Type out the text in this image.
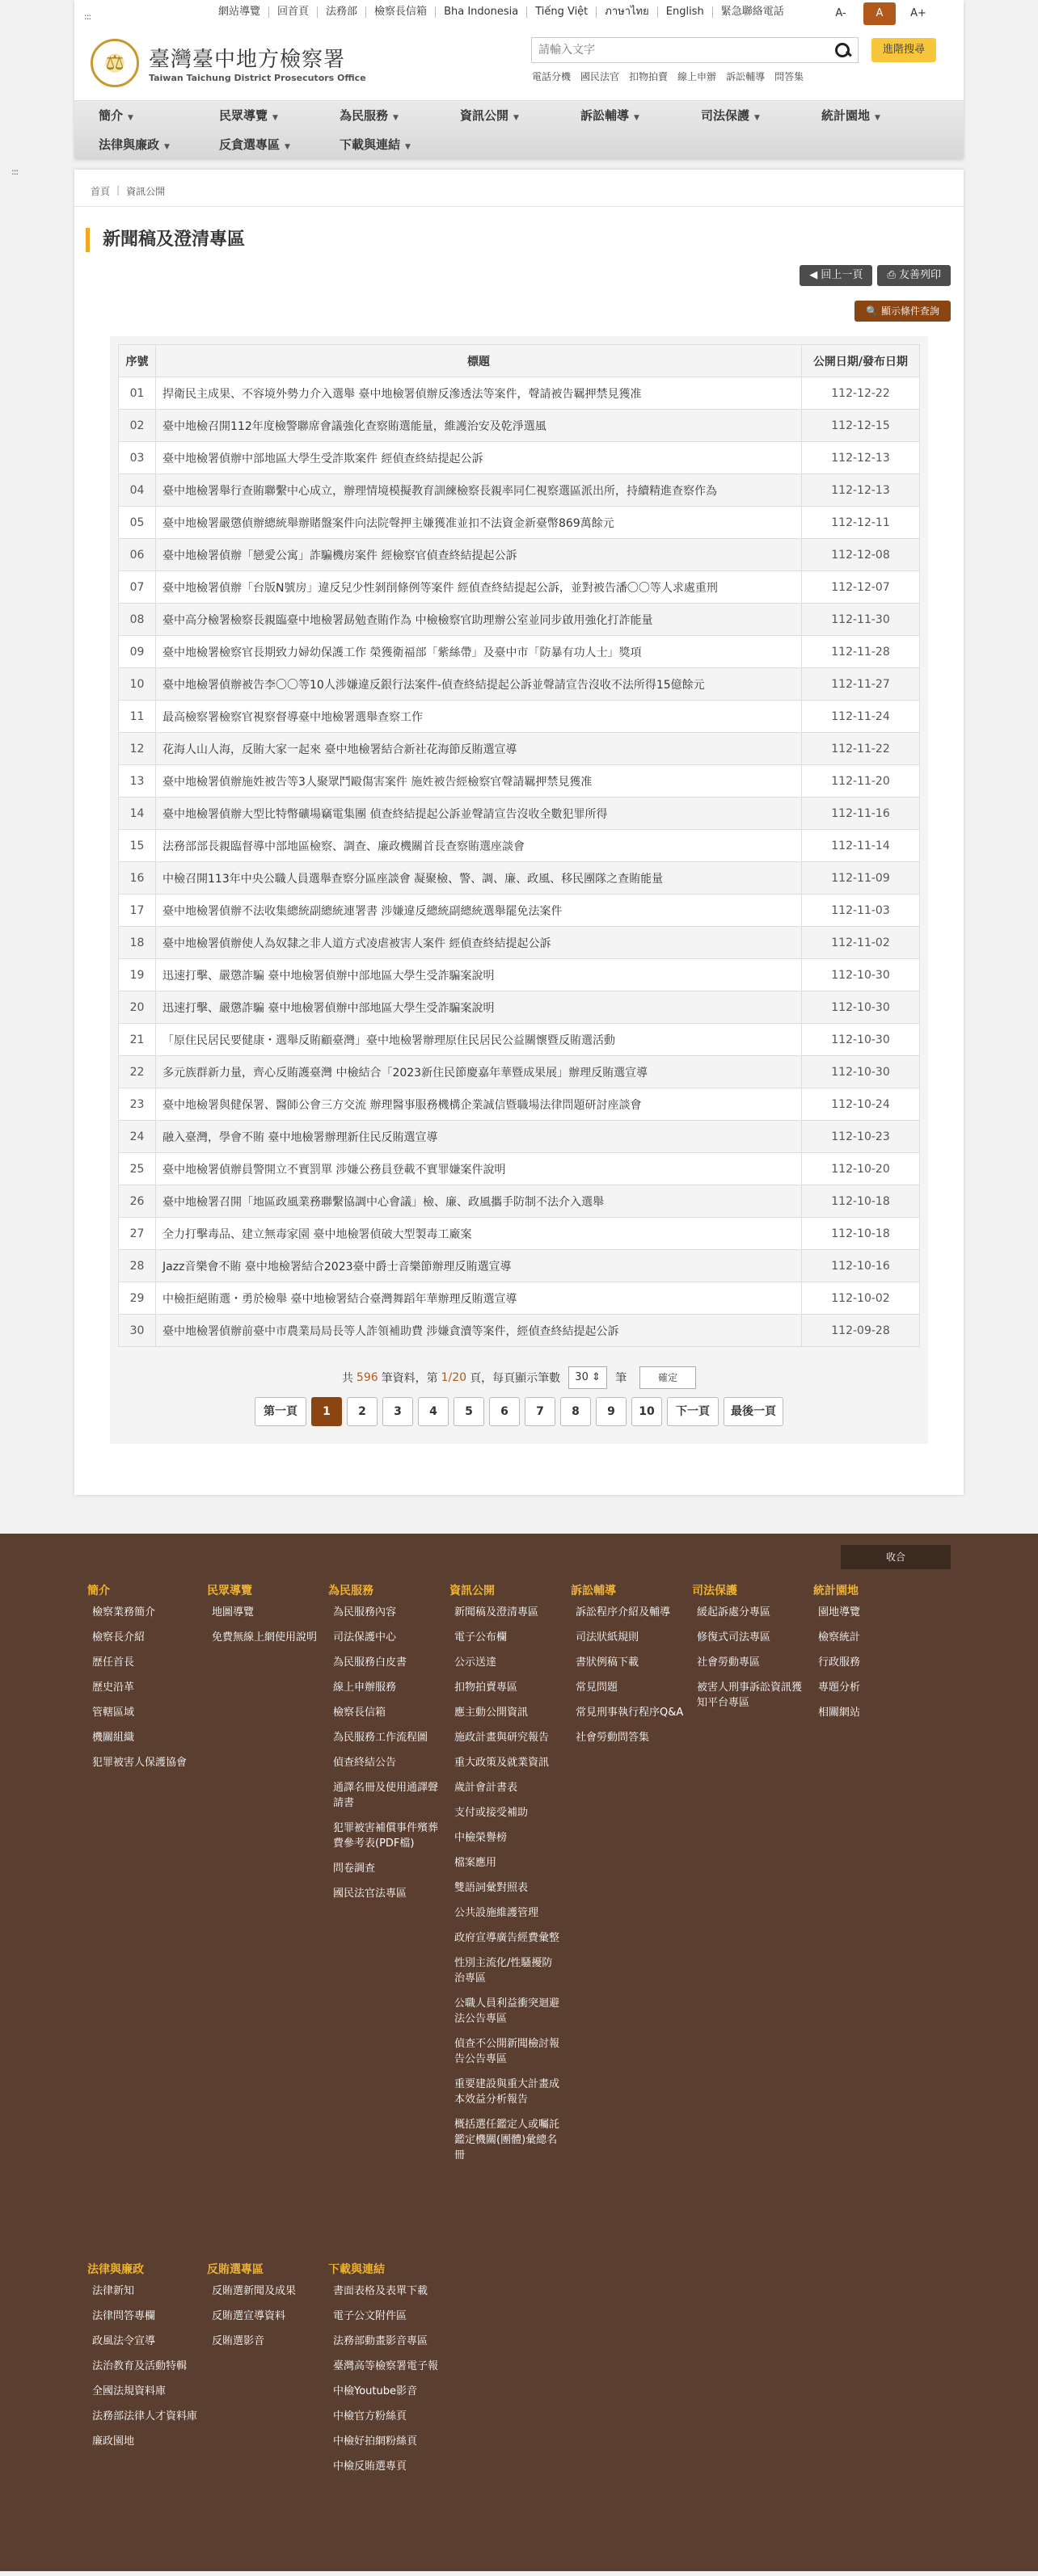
:::	網站導覽	回首頁	法務部	檢察長信箱	Bha Indonesia	Tiếng Việt	ภาษาไทย	English	緊急聯絡電話	A-	A	A+
⚖
臺灣臺中地方檢察署
Taiwan Taichung District Prosecutors Office
請輸入文字
進階搜尋
電話分機 國民法官 扣物拍賣 線上申辦 訴訟輔導 問答集
簡介 ▼	民眾導覽 ▼	為民服務 ▼	資訊公開 ▼	訴訟輔導 ▼	司法保護 ▼	統計園地 ▼
法律與廉政 ▼	反貪選專區 ▼	下載與連結 ▼
:::
首頁 | 資訊公開
新聞稿及澄清專區
◀ 回上一頁	⎙ 友善列印
🔍 顯示條件查詢
序號	標題	公開日期/發布日期
01	捍衛民主成果、不容境外勢力介入選舉 臺中地檢署偵辦反滲透法等案件，聲請被告羈押禁見獲准	112-12-22
02	臺中地檢召開112年度檢警聯席會議強化查察賄選能量，維護治安及乾淨選風	112-12-15
03	臺中地檢署偵辦中部地區大學生受詐欺案件 經偵查終結提起公訴	112-12-13
04	臺中地檢署舉行查賄聯繫中心成立，辦理情境模擬教育訓練檢察長親率同仁視察選區派出所，持續精進查察作為	112-12-13
05	臺中地檢署嚴懲偵辦總統舉辦賭盤案件向法院聲押主嫌獲准並扣不法資金新臺幣869萬餘元	112-12-11
06	臺中地檢署偵辦「戀愛公寓」詐騙機房案件 經檢察官偵查終結提起公訴	112-12-08
07	臺中地檢署偵辦「台版N號房」違反兒少性剝削條例等案件 經偵查終結提起公訴，並對被告潘〇〇等人求處重刑	112-12-07
08	臺中高分檢署檢察長親臨臺中地檢署勗勉查賄作為 中檢檢察官助理辦公室並同步啟用強化打詐能量	112-11-30
09	臺中地檢署檢察官長期致力婦幼保護工作 榮獲衛福部「紫絲帶」及臺中市「防暴有功人士」獎項	112-11-28
10	臺中地檢署偵辦被告李〇〇等10人涉嫌違反銀行法案件-偵查終結提起公訴並聲請宣告沒收不法所得15億餘元	112-11-27
11	最高檢察署檢察官視察督導臺中地檢署選舉查察工作	112-11-24
12	花海人山人海，反賄大家一起來 臺中地檢署結合新社花海節反賄選宣導	112-11-22
13	臺中地檢署偵辦施姓被告等3人聚眾鬥毆傷害案件 施姓被告經檢察官聲請羈押禁見獲准	112-11-20
14	臺中地檢署偵辦大型比特幣礦場竊電集團 偵查終結提起公訴並聲請宣告沒收全數犯罪所得	112-11-16
15	法務部部長親臨督導中部地區檢察、調查、廉政機關首長查察賄選座談會	112-11-14
16	中檢召開113年中央公職人員選舉查察分區座談會 凝聚檢、警、調、廉、政風、移民團隊之查賄能量	112-11-09
17	臺中地檢署偵辦不法收集總統副總統連署書 涉嫌違反總統副總統選舉罷免法案件	112-11-03
18	臺中地檢署偵辦使人為奴隸之非人道方式凌虐被害人案件 經偵查終結提起公訴	112-11-02
19	迅速打擊、嚴懲詐騙 臺中地檢署偵辦中部地區大學生受詐騙案說明	112-10-30
20	迅速打擊、嚴懲詐騙 臺中地檢署偵辦中部地區大學生受詐騙案說明	112-10-30
21	「原住民居民要健康・選舉反賄顧臺灣」臺中地檢署辦理原住民居民公益關懷暨反賄選活動	112-10-30
22	多元族群新力量，齊心反賄護臺灣 中檢結合「2023新住民節慶嘉年華暨成果展」辦理反賄選宣導	112-10-30
23	臺中地檢署與健保署、醫師公會三方交流 辦理醫事服務機構企業誠信暨職場法律問題研討座談會	112-10-24
24	融入臺灣，學會不賄 臺中地檢署辦理新住民反賄選宣導	112-10-23
25	臺中地檢署偵辦員警開立不實罰單 涉嫌公務員登載不實罪嫌案件說明	112-10-20
26	臺中地檢署召開「地區政風業務聯繫協調中心會議」檢、廉、政風攜手防制不法介入選舉	112-10-18
27	全力打擊毒品、建立無毒家園 臺中地檢署偵破大型製毒工廠案	112-10-18
28	Jazz音樂會不賄 臺中地檢署結合2023臺中爵士音樂節辦理反賄選宣導	112-10-16
29	中檢拒絕賄選・勇於檢舉 臺中地檢署結合臺灣舞蹈年華辦理反賄選宣導	112-10-02
30	臺中地檢署偵辦前臺中市農業局局長等人詐領補助費 涉嫌貪瀆等案件，經偵查終結提起公訴	112-09-28
共 596 筆資料，第 1/20 頁，每頁顯示筆數	30 ⇕	筆	確定
第一頁	1	2	3	4	5	6	7	8	9	10	下一頁	最後一頁
收合
簡介
檢察業務簡介
檢察長介紹
歷任首長
歷史沿革
管轄區域
機關組織
犯罪被害人保護協會
民眾導覽
地圖導覽
免費無線上網使用說明
為民服務
為民服務內容
司法保護中心
為民服務白皮書
線上申辦服務
檢察長信箱
為民服務工作流程圖
偵查終結公告
通譯名冊及使用通譯聲請書
犯罪被害補償事件殯葬費參考表(PDF檔)
問卷調查
國民法官法專區
資訊公開
新聞稿及澄清專區
電子公布欄
公示送達
扣物拍賣專區
應主動公開資訊
施政計畫與研究報告
重大政策及就業資訊
歲計會計書表
支付或接受補助
中檢榮譽榜
檔案應用
雙語詞彙對照表
公共設施維護管理
政府宣導廣告經費彙整
性別主流化/性騷擾防治專區
公職人員利益衝突迴避法公告專區
偵查不公開新聞檢討報告公告專區
重要建設與重大計畫成本效益分析報告
概括選任鑑定人或囑託鑑定機關(團體)彙總名冊
訴訟輔導
訴訟程序介紹及輔導
司法狀紙規則
書狀例稿下載
常見問題
常見刑事執行程序Q&A
社會勞動問答集
司法保護
緩起訴處分專區
修復式司法專區
社會勞動專區
被害人刑事訴訟資訊獲知平台專區
統計園地
園地導覽
檢察統計
行政服務
專題分析
相關網站
法律與廉政
法律新知
法律問答專欄
政風法令宣導
法治教育及活動特輯
全國法規資料庫
法務部法律人才資料庫
廉政園地
反賄選專區
反賄選新聞及成果
反賄選宣導資料
反賄選影音
下載與連結
書面表格及表單下載
電子公文附件區
法務部動畫影音專區
臺灣高等檢察署電子報
中檢Youtube影音
中檢官方粉絲頁
中檢好拍網粉絲頁
中檢反賄選專頁
